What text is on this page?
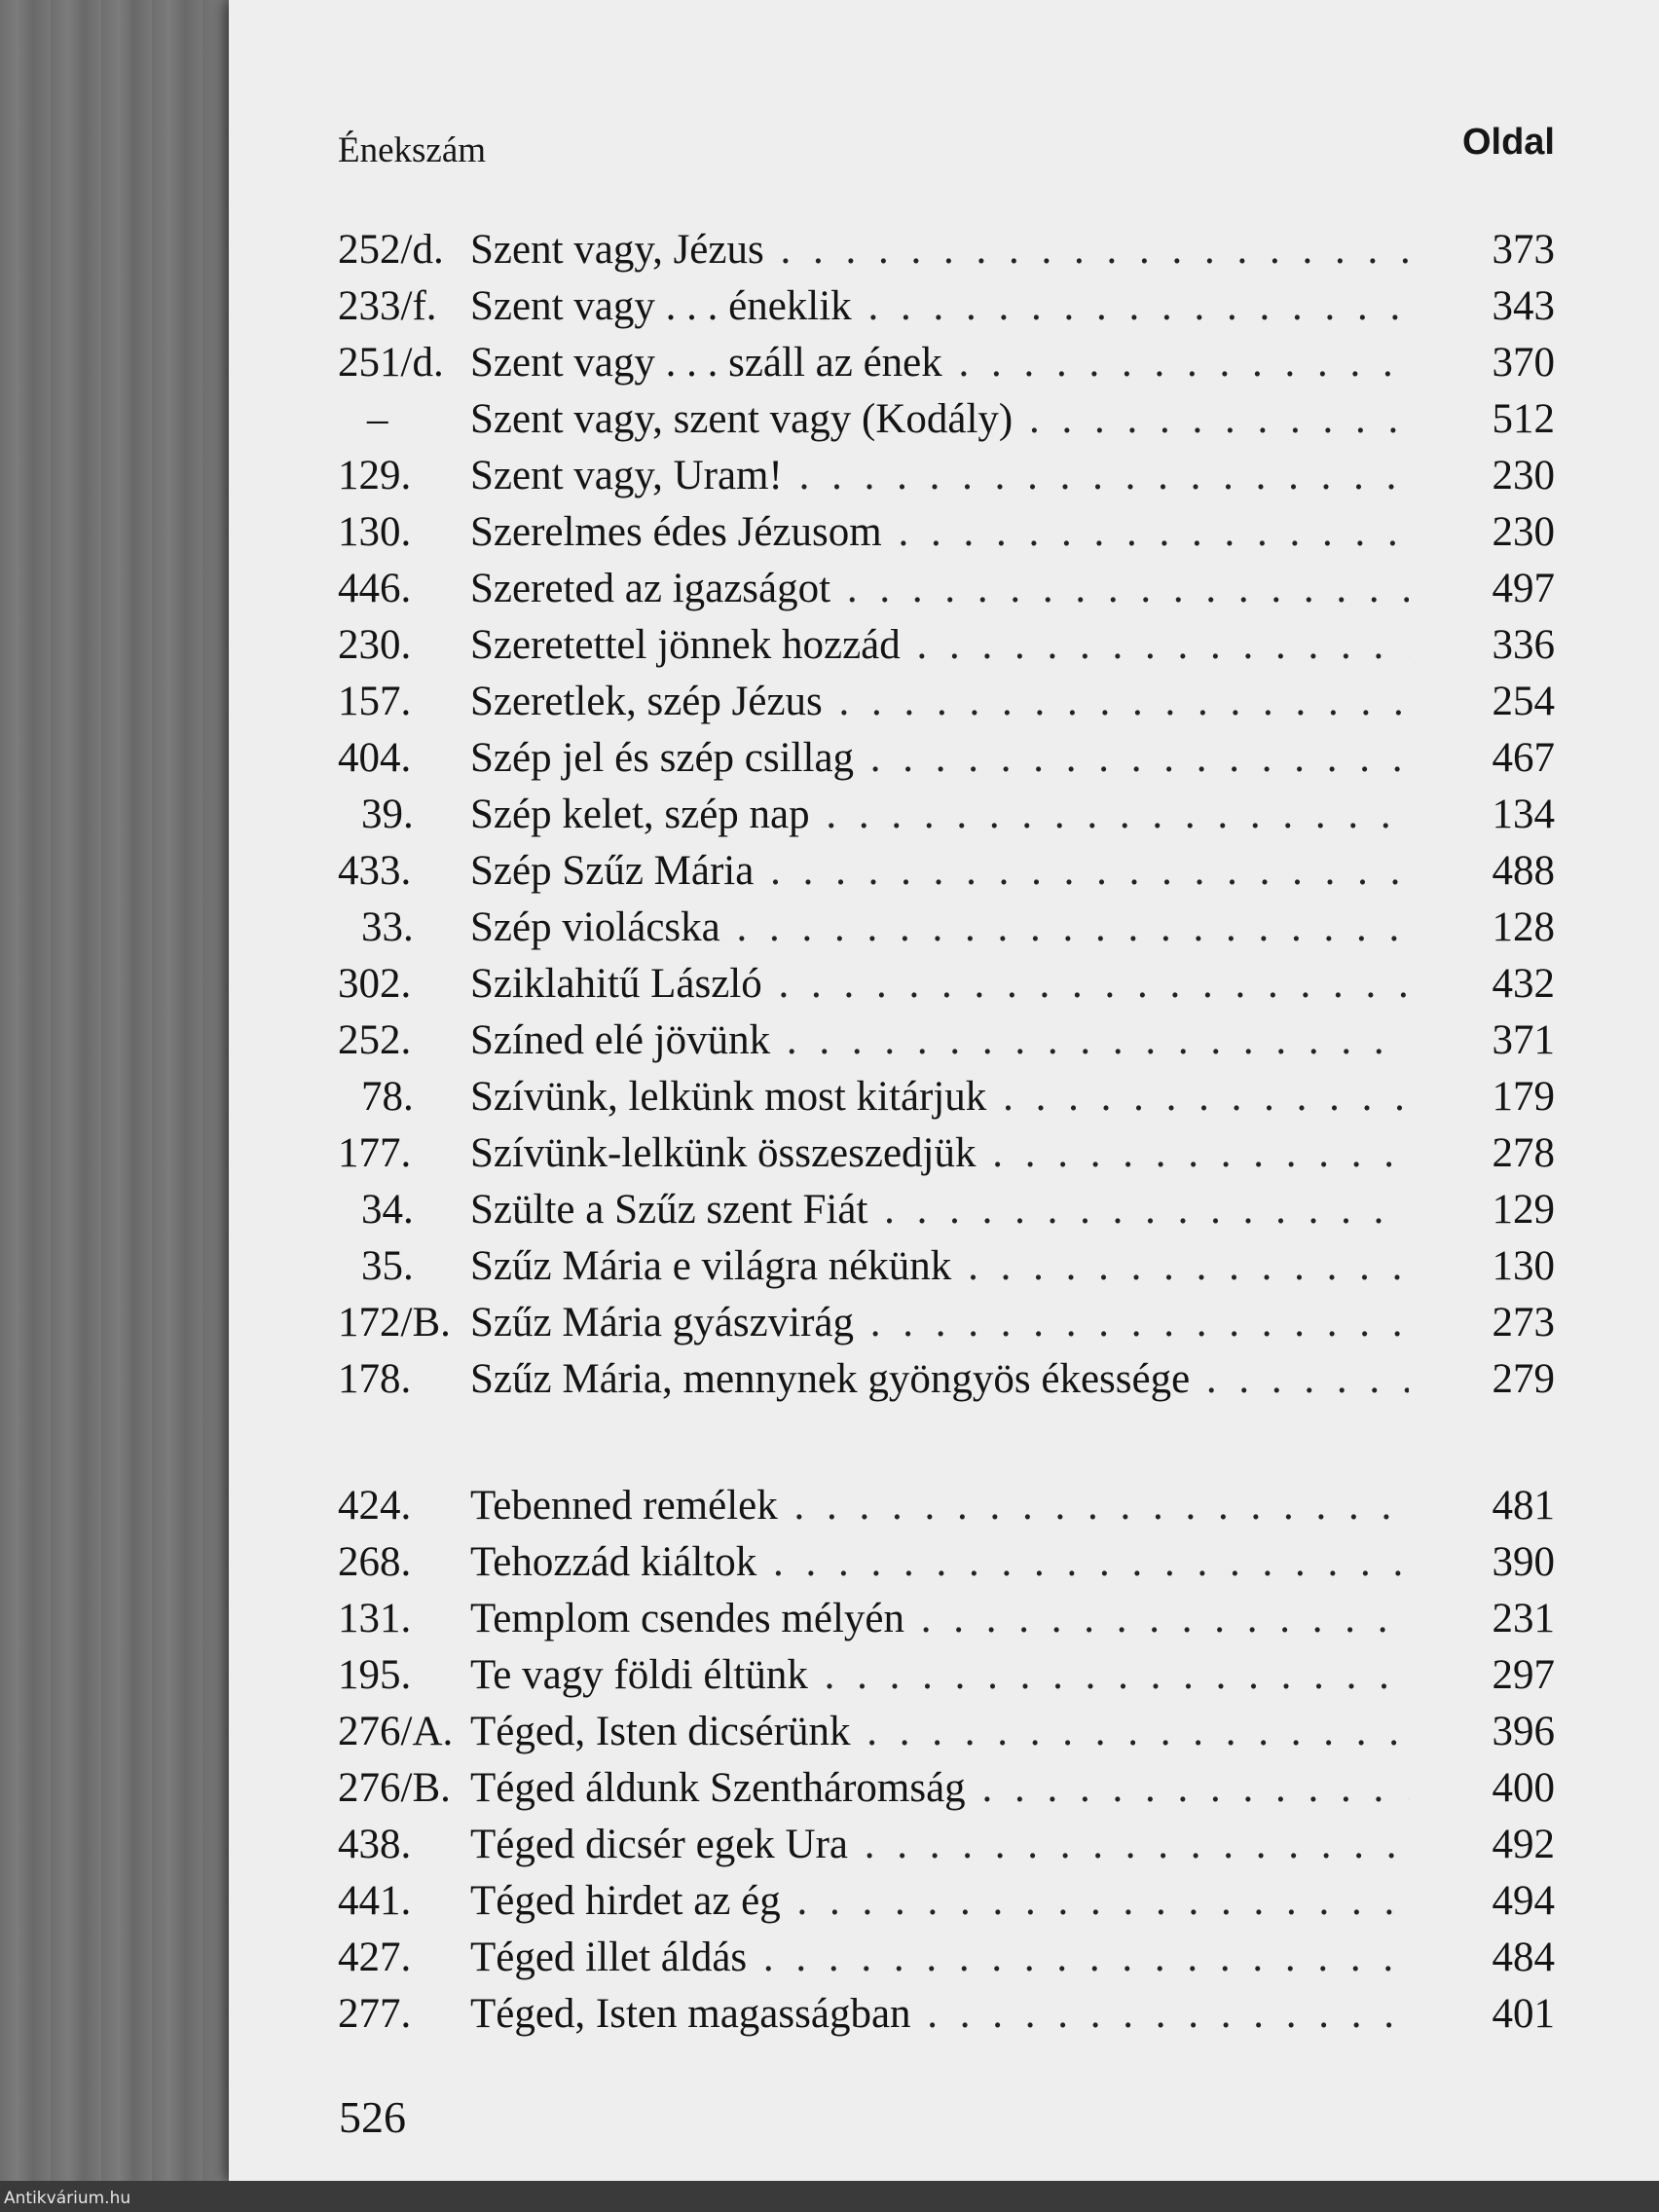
Énekszám	Oldal
252/d. Szent vagy, Jézus . . .	373
233/f. Szent vagy . . . éneklik . . .	343
251/d. Szent vagy . . . száll az ének . . .	370
–	Szent vagy, szent vagy (Kodály) . . .	512
129.	Szent vagy, Uram! . . .	230
130.	Szerelmes édes Jézusom . . .	230
446.	Szereted az igazságot . . .	497
230.	Szeretettel jönnek hozzád . . .	336
157.	Szeretlek, szép Jézus . . .	254
404.	Szép jel és szép csillag . . .	467
39.	Szép kelet, szép nap . . .	134
433.	Szép Szűz Mária . . .	488
33.	Szép violácska . . .	128
302.	Sziklahitű László . . .	432
252.	Színed elé jövünk . . .	371
78.	Szívünk, lelkünk most kitárjuk . . .	179
177.	Szívünk-lelkünk összeszedjük . . .	278
34.	Szülte a Szűz szent Fiát . . .	129
35.	Szűz Mária e világra nékünk . . .	130
172/B. Szűz Mária gyászvirág . . .	273
178.	Szűz Mária, mennynek gyöngyös ékessége . . .	279
424.	Tebenned remélek . . .	481
268.	Tehozzád kiáltok . . .	390
131.	Templom csendes mélyén . . .	231
195.	Te vagy földi éltünk . . .	297
276/A. Téged, Isten dicsérünk . . .	396
276/B. Téged áldunk Szentháromság . . .	400
438.	Téged dicsér egek Ura . . .	492
441.	Téged hirdet az ég . . .	494
427.	Téged illet áldás . . .	484
277.	Téged, Isten magasságban . . .	401
526
Antikvárium.hu
